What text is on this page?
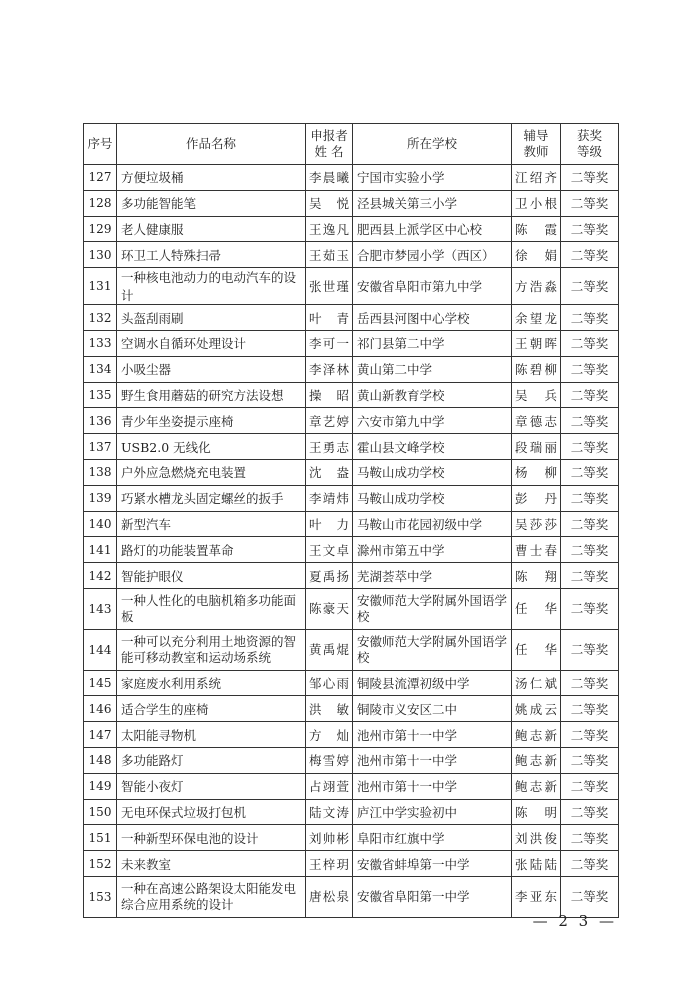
序号	作品名称	申报者姓 名	所在学校	辅导教师	获奖等级
127	方便垃圾桶	李晨曦	宁国市实验小学	江绍齐	二等奖
128	多功能智能笔	吴悦	泾县城关第三小学	卫小根	二等奖
129	老人健康服	王逸凡	肥西县上派学区中心校	陈霞	二等奖
130	环卫工人特殊扫帚	王茹玉	合肥市梦园小学（西区）	徐娟	二等奖
131	一种核电池动力的电动汽车的设计	张世瑾	安徽省阜阳市第九中学	方浩淼	二等奖
132	头盔刮雨刷	叶青	岳西县河图中心学校	余望龙	二等奖
133	空调水自循环处理设计	李可一	祁门县第二中学	王朝晖	二等奖
134	小吸尘器	李泽林	黄山第二中学	陈碧柳	二等奖
135	野生食用蘑菇的研究方法设想	操昭	黄山新教育学校	吴兵	二等奖
136	青少年坐姿提示座椅	章艺婷	六安市第九中学	章德志	二等奖
137	USB2.0 无线化	王勇志	霍山县文峰学校	段瑞丽	二等奖
138	户外应急燃烧充电装置	沈盎	马鞍山成功学校	杨柳	二等奖
139	巧紧水槽龙头固定螺丝的扳手	李靖炜	马鞍山成功学校	彭丹	二等奖
140	新型汽车	叶力	马鞍山市花园初级中学	吴莎莎	二等奖
141	路灯的功能装置革命	王文卓	滁州市第五中学	曹士春	二等奖
142	智能护眼仪	夏禹扬	芜湖荟萃中学	陈翔	二等奖
143	一种人性化的电脑机箱多功能面板	陈豪天	安徽师范大学附属外国语学校	任华	二等奖
144	一种可以充分利用土地资源的智能可移动教室和运动场系统	黄禹焜	安徽师范大学附属外国语学校	任华	二等奖
145	家庭废水利用系统	邹心雨	铜陵县流潭初级中学	汤仁斌	二等奖
146	适合学生的座椅	洪敏	铜陵市义安区二中	姚成云	二等奖
147	太阳能寻物机	方灿	池州市第十一中学	鲍志新	二等奖
148	多功能路灯	梅雪婷	池州市第十一中学	鲍志新	二等奖
149	智能小夜灯	占翊萱	池州市第十一中学	鲍志新	二等奖
150	无电环保式垃圾打包机	陆文涛	庐江中学实验初中	陈明	二等奖
151	一种新型环保电池的设计	刘帅彬	阜阳市红旗中学	刘洪俊	二等奖
152	未来教室	王梓玥	安徽省蚌埠第一中学	张陆陆	二等奖
153	一种在高速公路架设太阳能发电综合应用系统的设计	唐松泉	安徽省阜阳第一中学	李亚东	二等奖
— 2 3 —
